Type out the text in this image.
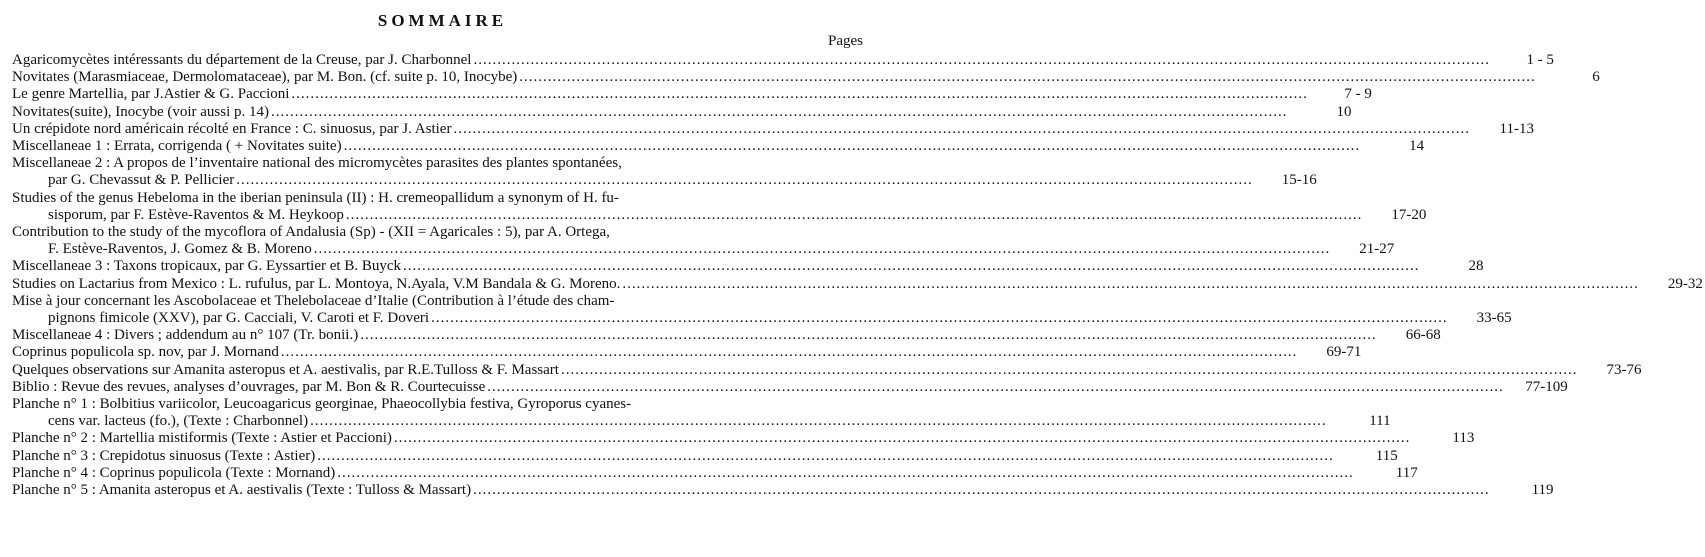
SOMMAIRE
Pages
Agaricomycètes intéressants du département de la Creuse, par J. Charbonnel .....	1 - 5
Novitates (Marasmiaceae, Dermolomataceae), par M. Bon. (cf. suite p. 10, Inocybe) .....	6
Le genre Martellia, par J.Astier & G. Paccioni .....	7 - 9
Novitates(suite), Inocybe (voir aussi p. 14) .....	10
Un crépidote nord américain récolté en France : C. sinuosus, par J. Astier .....	11-13
Miscellaneae 1 : Errata, corrigenda ( + Novitates suite) .....	14
Miscellaneae 2 : A propos de l’inventaire national des micromycètes parasites des plantes spontanées,
par G. Chevassut & P. Pellicier .....	15-16
Studies of the genus Hebeloma in the iberian peninsula (II) : H. cremeopallidum a synonym of H. fu-
sisporum, par F. Estève-Raventos & M. Heykoop .....	17-20
Contribution to the study of the mycoflora of Andalusia (Sp) - (XII = Agaricales : 5), par A. Ortega,
F. Estève-Raventos, J. Gomez & B. Moreno .....	21-27
Miscellaneae 3 : Taxons tropicaux, par G. Eyssartier et B. Buyck .....	28
Studies on Lactarius from Mexico : L. rufulus, par L. Montoya, N.Ayala, V.M Bandala & G. Moreno. .....	29-32
Mise à jour concernant les Ascobolaceae et Thelebolaceae d’Italie (Contribution à l’étude des cham-
pignons fimicole (XXV), par G. Cacciali, V. Caroti et F. Doveri .....	33-65
Miscellaneae 4 : Divers ; addendum au n° 107 (Tr. bonii.) .....	66-68
Coprinus populicola sp. nov, par J. Mornand .....	69-71
Quelques observations sur Amanita asteropus et A. aestivalis, par R.E.Tulloss & F. Massart .....	73-76
Biblio : Revue des revues, analyses d’ouvrages, par M. Bon & R. Courtecuisse .....	77-109
Planche n° 1 : Bolbitius variicolor, Leucoagaricus georginae, Phaeocollybia festiva, Gyroporus cyanes-
cens var. lacteus (fo.), (Texte : Charbonnel) .....	111
Planche n° 2 : Martellia mistiformis (Texte : Astier et Paccioni) .....	113
Planche n° 3 : Crepidotus sinuosus (Texte : Astier) .....	115
Planche n° 4 : Coprinus populicola (Texte : Mornand) .....	117
Planche n° 5 : Amanita asteropus et A. aestivalis (Texte : Tulloss & Massart) .....	119
